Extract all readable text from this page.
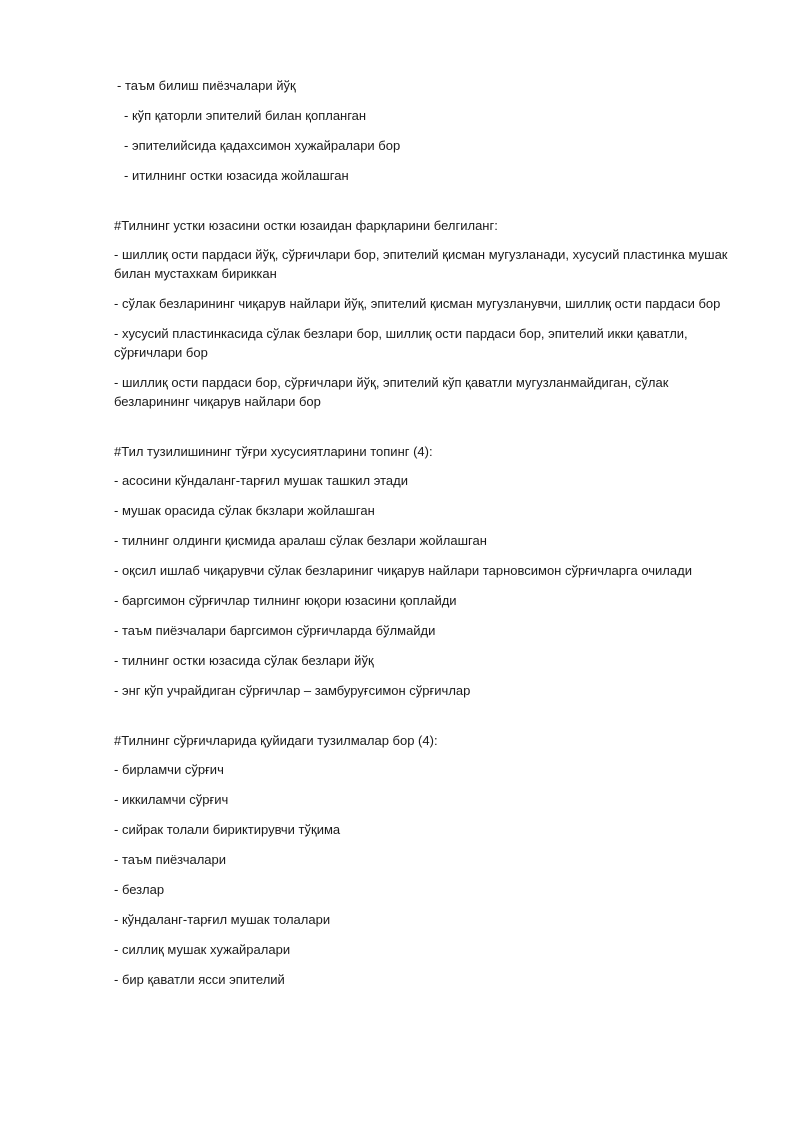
- таъм билиш пиёзчалари йўқ

- кўп қаторли эпителий билан қопланган

- эпителийсида қадахсимон хужайралари бор

- итилнинг остки юзасида жойлашган

#Тилнинг устки юзасини остки юзаидан фарқларини белгиланг:

- шиллиқ ости пардаси йўқ, сўрғичлари бор, эпителий қисман мугузланади, хусусий пластинка мушак билан мустахкам бириккан

- сўлак безларининг чиқарув найлари йўқ, эпителий қисман мугузланувчи, шиллиқ ости пардаси бор

- хусусий пластинкасида сўлак безлари бор, шиллиқ ости пардаси бор, эпителий икки қаватли, сўрғичлари бор

- шиллиқ ости пардаси бор, сўрғичлари йўқ, эпителий кўп қаватли мугузланмайдиган, сўлак безларининг чиқарув найлари бор

#Тил тузилишининг тўғри хусусиятларини топинг (4):

- асосини кўндаланг-тарғил мушак ташкил этади

- мушак орасида сўлак бкзлари жойлашган

- тилнинг олдинги қисмида аралаш сўлак безлари жойлашган

- оқсил ишлаб чиқарувчи сўлак безлариниг чиқарув найлари тарновсимон сўрғичларга очилади

- баргсимон сўрғичлар тилнинг юқори юзасини қоплайди

- таъм пиёзчалари баргсимон сўрғичларда бўлмайди

- тилнинг остки юзасида сўлак безлари йўқ

- энг кўп учрайдиган сўрғичлар – замбуруғсимон сўрғичлар

#Тилнинг сўрғичларида қуйидаги тузилмалар бор (4):

- бирламчи сўрғич

- иккиламчи сўрғич

- сийрак толали бириктирувчи тўқима

- таъм пиёзчалари

- безлар

- кўндаланг-тарғил мушак толалари

- силлиқ мушак хужайралари

- бир қаватли ясси эпителий
